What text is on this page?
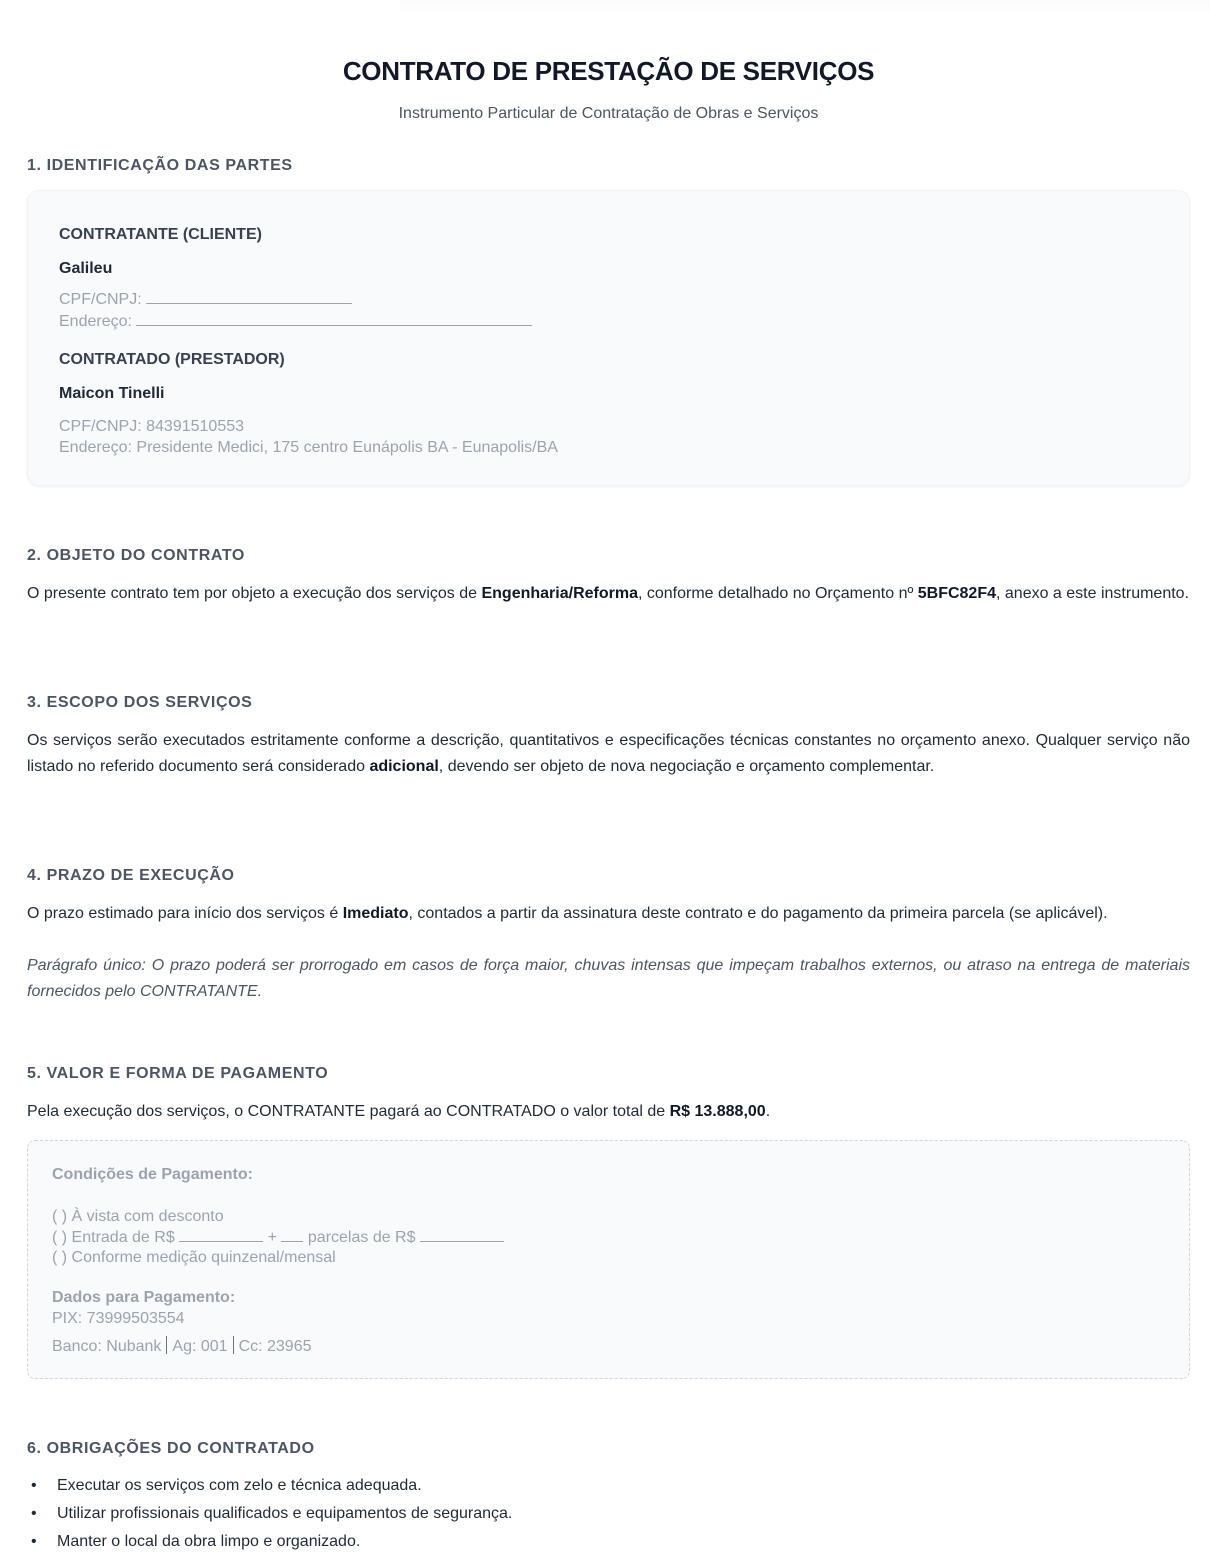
CONTRATO DE PRESTAÇÃO DE SERVIÇOS

Instrumento Particular de Contratação de Obras e Serviços

1. IDENTIFICAÇÃO DAS PARTES

CONTRATANTE (CLIENTE)

Galileu

CPF/CNPJ:

Endereço:

CONTRATADO (PRESTADOR)

Maicon Tinelli

CPF/CNPJ: 84391510553

Endereço: Presidente Medici, 175 centro Eunápolis BA - Eunapolis/BA

2. OBJETO DO CONTRATO

O presente contrato tem por objeto a execução dos serviços de Engenharia/Reforma, conforme detalhado no Orçamento nº 5BFC82F4, anexo a este instrumento.

3. ESCOPO DOS SERVIÇOS

Os serviços serão executados estritamente conforme a descrição, quantitativos e especificações técnicas constantes no orçamento anexo. Qualquer serviço não listado no referido documento será considerado adicional, devendo ser objeto de nova negociação e orçamento complementar.

4. PRAZO DE EXECUÇÃO

O prazo estimado para início dos serviços é Imediato, contados a partir da assinatura deste contrato e do pagamento da primeira parcela (se aplicável).

Parágrafo único: O prazo poderá ser prorrogado em casos de força maior, chuvas intensas que impeçam trabalhos externos, ou atraso na entrega de materiais fornecidos pelo CONTRATANTE.

5. VALOR E FORMA DE PAGAMENTO

Pela execução dos serviços, o CONTRATANTE pagará ao CONTRATADO o valor total de R$ 13.888,00.

Condições de Pagamento:

( ) À vista com desconto

( ) Entrada de R$	+ parcelas de R$

( ) Conforme medição quinzenal/mensal

Dados para Pagamento:

PIX: 73999503554

Banco: Nubank Ag: 001 Cc: 23965

6. OBRIGAÇÕES DO CONTRATADO
• Executar os serviços com zelo e técnica adequada.
• Utilizar profissionais qualificados e equipamentos de segurança.
• Manter o local da obra limpo e organizado.
